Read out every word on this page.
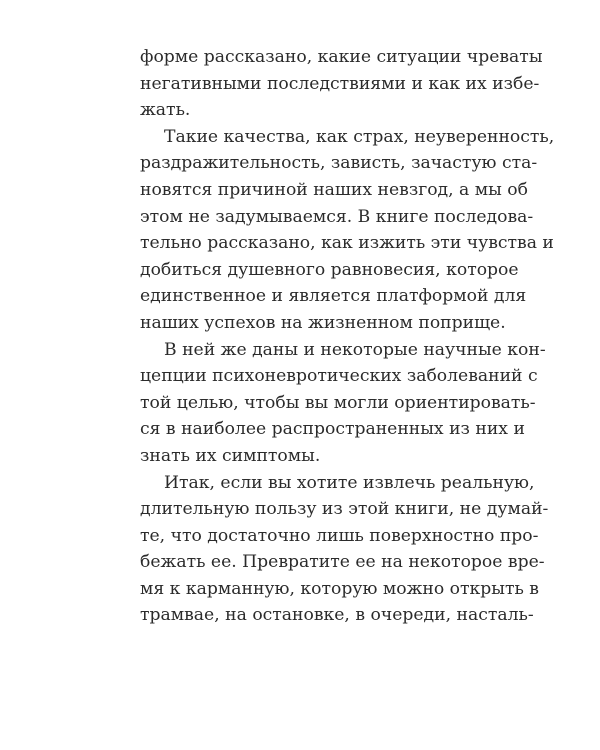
форме рассказано, какие ситуации чреваты
негативными последствиями и как их избе-
жать.
Такие качества, как страх, неуверенность,
раздражительность, зависть, зачастую ста-
новятся причиной наших невзгод, а мы об
этом не задумываемся. В книге последова-
тельно рассказано, как изжить эти чувства и
добиться душевного равновесия, которое
единственное и является платформой для
наших успехов на жизненном поприще.
В ней же даны и некоторые научные кон-
цепции психоневротических заболеваний с
той целью, чтобы вы могли ориентировать-
ся в наиболее распространенных из них и
знать их симптомы.
Итак, если вы хотите извлечь реальную,
длительную пользу из этой книги, не думай-
те, что достаточно лишь поверхностно про-
бежать ее. Превратите ее на некоторое вре-
мя к карманную, которую можно открыть в
трамвае, на остановке, в очереди, насталь-
